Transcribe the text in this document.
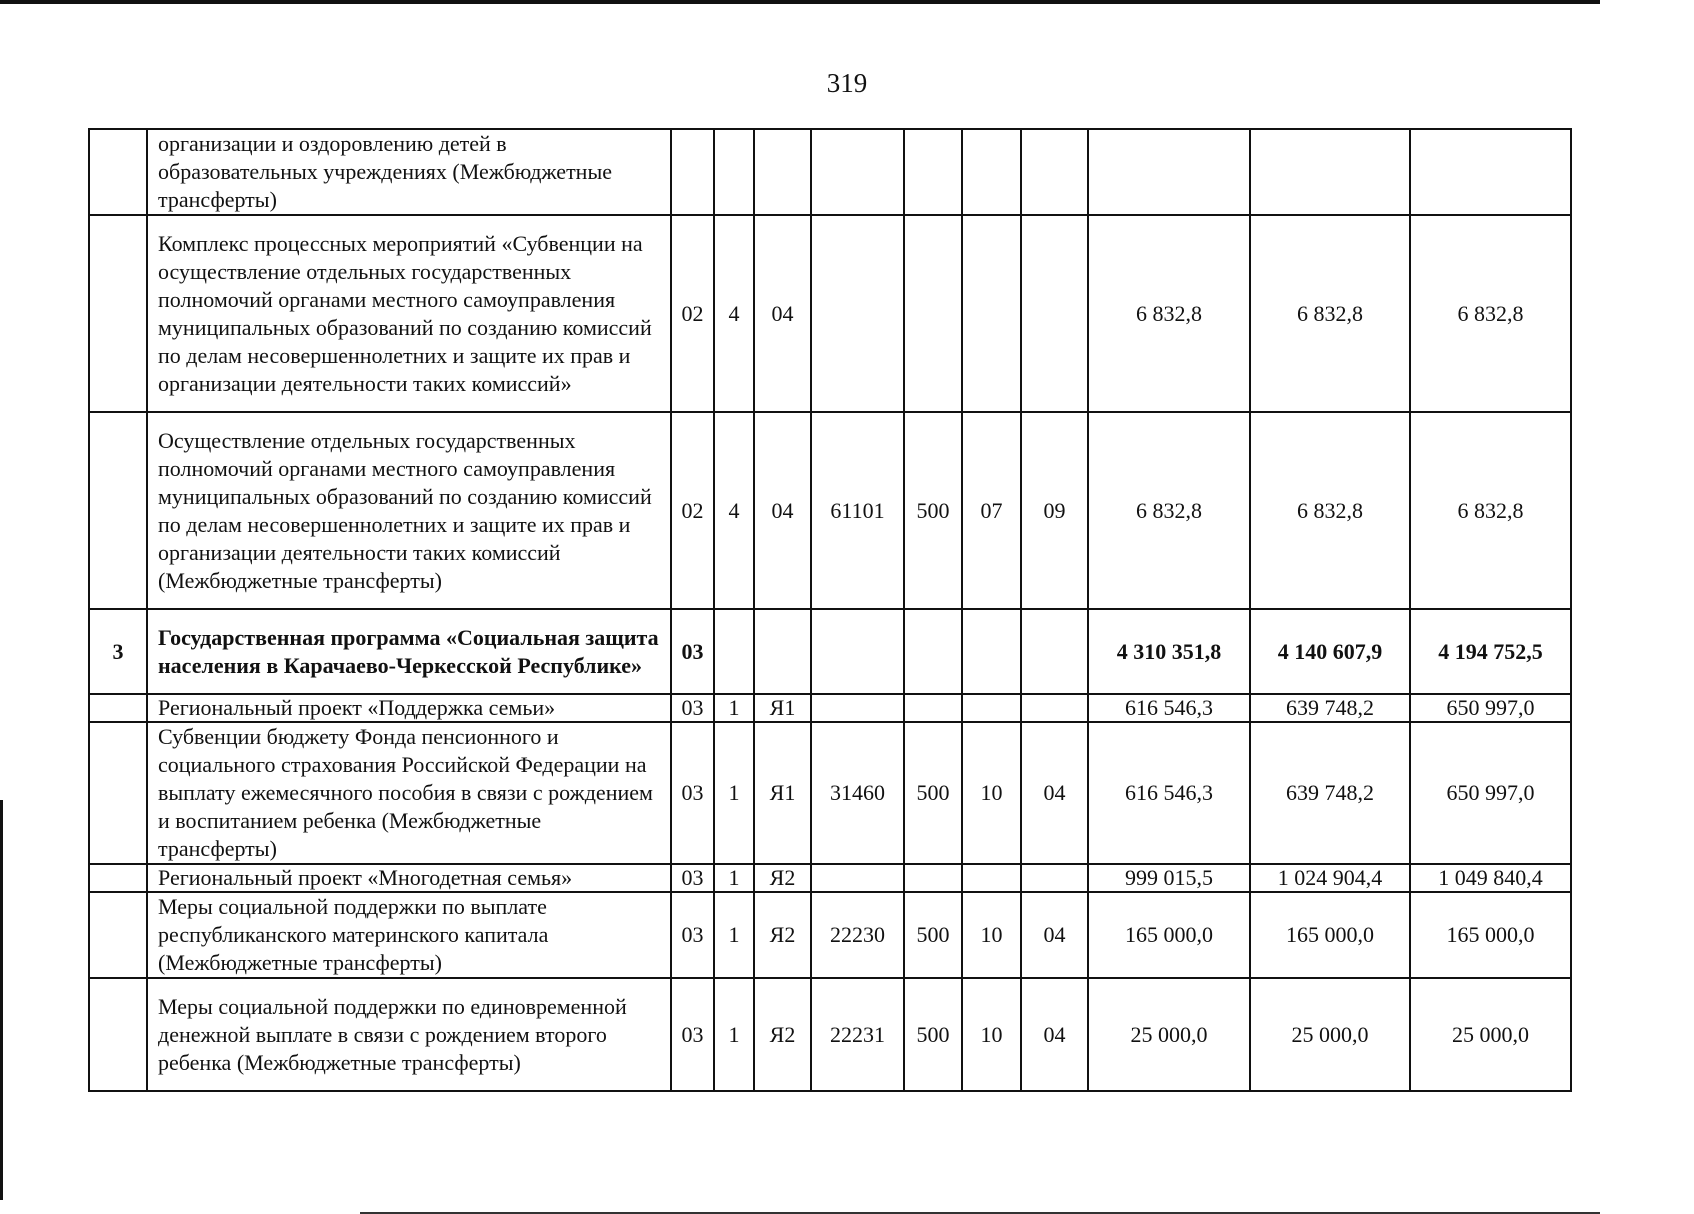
319
	организации и оздоровлению детей в образовательных учреждениях (Межбюджетные трансферты)										
	Комплекс процессных мероприятий «Субвенции на осуществление отдельных государственных полномочий органами местного самоуправления муниципальных образований по созданию комиссий по делам несовершеннолетних и защите их прав и организации деятельности таких комиссий»	02	4	04					6 832,8	6 832,8	6 832,8
	Осуществление отдельных государственных полномочий органами местного самоуправления муниципальных образований по созданию комиссий по делам несовершеннолетних и защите их прав и организации деятельности таких комиссий (Межбюджетные трансферты)	02	4	04	61101	500	07	09	6 832,8	6 832,8	6 832,8
3	Государственная программа «Социальная защита населения в Карачаево-Черкесской Республике»	03							4 310 351,8	4 140 607,9	4 194 752,5
	Региональный проект «Поддержка семьи»	03	1	Я1					616 546,3	639 748,2	650 997,0
	Субвенции бюджету Фонда пенсионного и социального страхования Российской Федерации на выплату ежемесячного пособия в связи с рождением и воспитанием ребенка (Межбюджетные трансферты)	03	1	Я1	31460	500	10	04	616 546,3	639 748,2	650 997,0
	Региональный проект «Многодетная семья»	03	1	Я2					999 015,5	1 024 904,4	1 049 840,4
	Меры социальной поддержки по выплате республиканского материнского капитала (Межбюджетные трансферты)	03	1	Я2	22230	500	10	04	165 000,0	165 000,0	165 000,0
	Меры социальной поддержки по единовременной денежной выплате в связи с рождением второго ребенка (Межбюджетные трансферты)	03	1	Я2	22231	500	10	04	25 000,0	25 000,0	25 000,0
